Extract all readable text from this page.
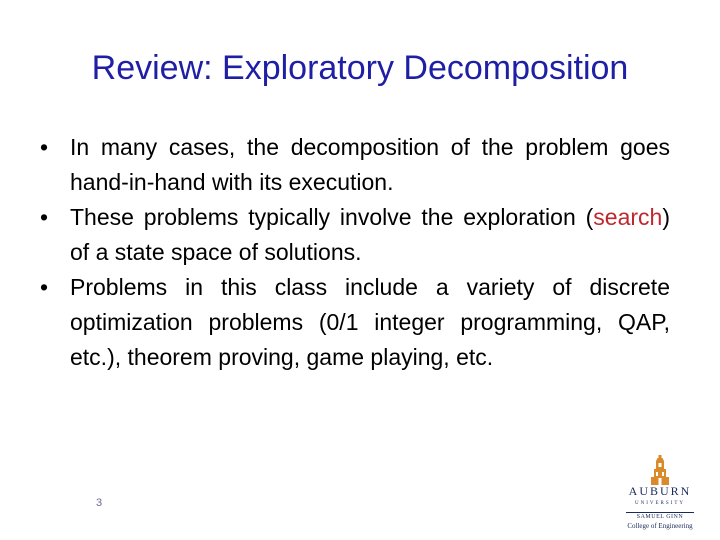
Review: Exploratory Decomposition
• In many cases, the decomposition of the problem goes hand-in-hand with its execution.
• These problems typically involve the exploration (search) of a state space of solutions.
• Problems in this class include a variety of discrete optimization problems (0/1 integer programming, QAP, etc.), theorem proving, game playing, etc.
3
AUBURN
UNIVERSITY
SAMUEL GINN
College of Engineering
